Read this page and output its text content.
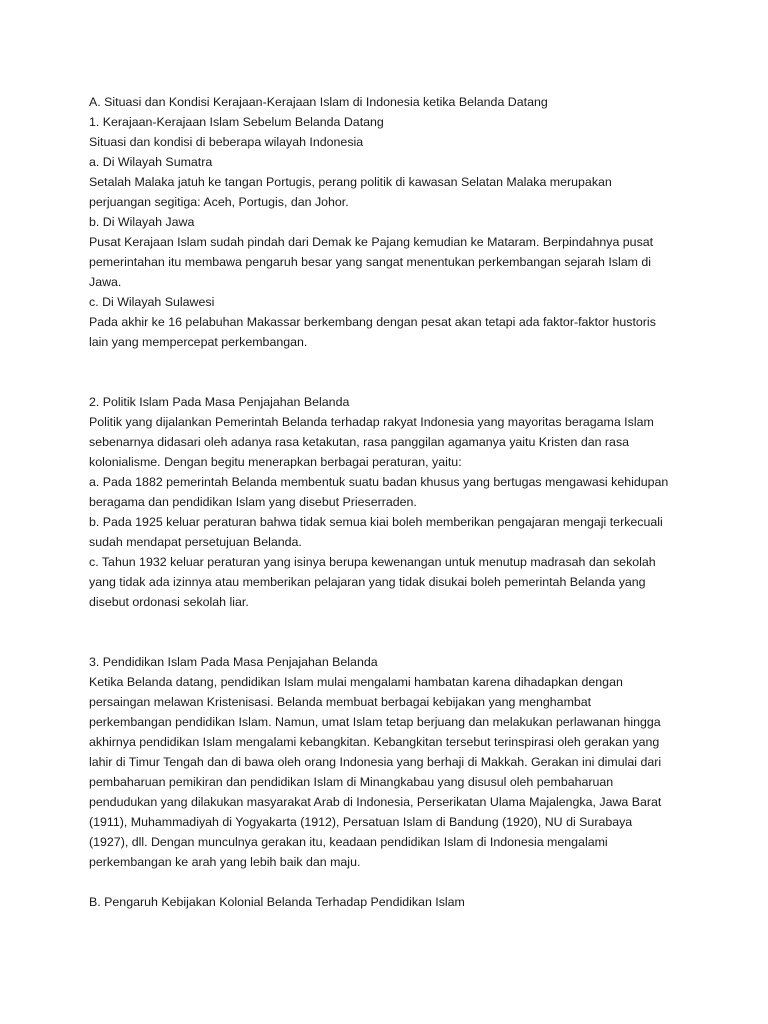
A. Situasi dan Kondisi Kerajaan-Kerajaan Islam di Indonesia ketika Belanda Datang
1. Kerajaan-Kerajaan Islam Sebelum Belanda Datang
Situasi dan kondisi di beberapa wilayah Indonesia
a. Di Wilayah Sumatra
Setalah Malaka jatuh ke tangan Portugis, perang politik di kawasan Selatan Malaka merupakan
perjuangan segitiga: Aceh, Portugis, dan Johor.
b. Di Wilayah Jawa
Pusat Kerajaan Islam sudah pindah dari Demak ke Pajang kemudian ke Mataram. Berpindahnya pusat
pemerintahan itu membawa pengaruh besar yang sangat menentukan perkembangan sejarah Islam di
Jawa.
c. Di Wilayah Sulawesi
Pada akhir ke 16 pelabuhan Makassar berkembang dengan pesat akan tetapi ada faktor-faktor hustoris
lain yang mempercepat perkembangan.
2. Politik Islam Pada Masa Penjajahan Belanda
Politik yang dijalankan Pemerintah Belanda terhadap rakyat Indonesia yang mayoritas beragama Islam
sebenarnya didasari oleh adanya rasa ketakutan, rasa panggilan agamanya yaitu Kristen dan rasa
kolonialisme. Dengan begitu menerapkan berbagai peraturan, yaitu:
a. Pada 1882 pemerintah Belanda membentuk suatu badan khusus yang bertugas mengawasi kehidupan
beragama dan pendidikan Islam yang disebut Prieserraden.
b. Pada 1925 keluar peraturan bahwa tidak semua kiai boleh memberikan pengajaran mengaji terkecuali
sudah mendapat persetujuan Belanda.
c. Tahun 1932 keluar peraturan yang isinya berupa kewenangan untuk menutup madrasah dan sekolah
yang tidak ada izinnya atau memberikan pelajaran yang tidak disukai boleh pemerintah Belanda yang
disebut ordonasi sekolah liar.
3. Pendidikan Islam Pada Masa Penjajahan Belanda
Ketika Belanda datang, pendidikan Islam mulai mengalami hambatan karena dihadapkan dengan
persaingan melawan Kristenisasi. Belanda membuat berbagai kebijakan yang menghambat
perkembangan pendidikan Islam. Namun, umat Islam tetap berjuang dan melakukan perlawanan hingga
akhirnya pendidikan Islam mengalami kebangkitan. Kebangkitan tersebut terinspirasi oleh gerakan yang
lahir di Timur Tengah dan di bawa oleh orang Indonesia yang berhaji di Makkah. Gerakan ini dimulai dari
pembaharuan pemikiran dan pendidikan Islam di Minangkabau yang disusul oleh pembaharuan
pendudukan yang dilakukan masyarakat Arab di Indonesia, Perserikatan Ulama Majalengka, Jawa Barat
(1911), Muhammadiyah di Yogyakarta (1912), Persatuan Islam di Bandung (1920), NU di Surabaya
(1927), dll. Dengan munculnya gerakan itu, keadaan pendidikan Islam di Indonesia mengalami
perkembangan ke arah yang lebih baik dan maju.
B. Pengaruh Kebijakan Kolonial Belanda Terhadap Pendidikan Islam
